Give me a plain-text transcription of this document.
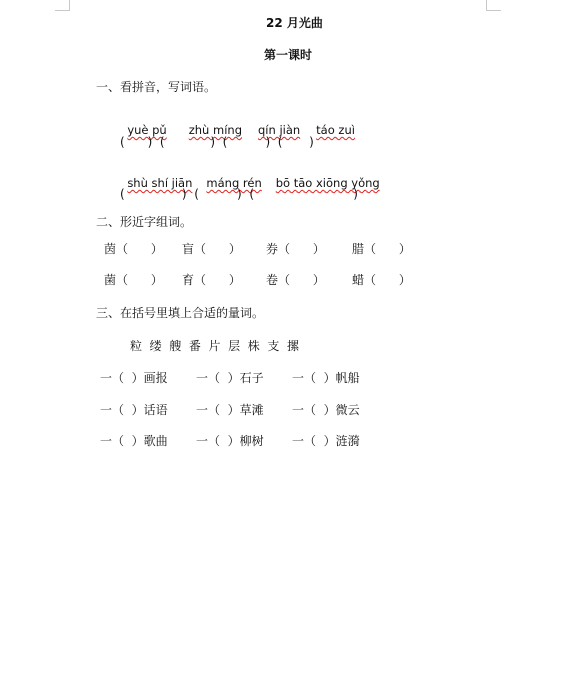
22 月光曲
第一课时
一、看拼音，写词语。

yuè pǔ zhù míng qín jiàn táo zuì

(      )  (            )  (          )  (       )

shù shí jiān máng rén bō tāo xiōng yǒng

(               )  (          )  (                          )
二、形近字组词。
茵（      ） 盲（      ） 券（      ） 腊（      ）
菌（      ） 育（      ） 卷（      ） 蜡（      ）
三、在括号里填上合适的量词。
粒  缕  艘  番  片  层  株  支  摞
一（  ）画报 一（  ）石子 一（  ）帆船
一（  ）话语 一（  ）草滩 一（  ）微云
一（  ）歌曲 一（  ）柳树 一（  ）涟漪
